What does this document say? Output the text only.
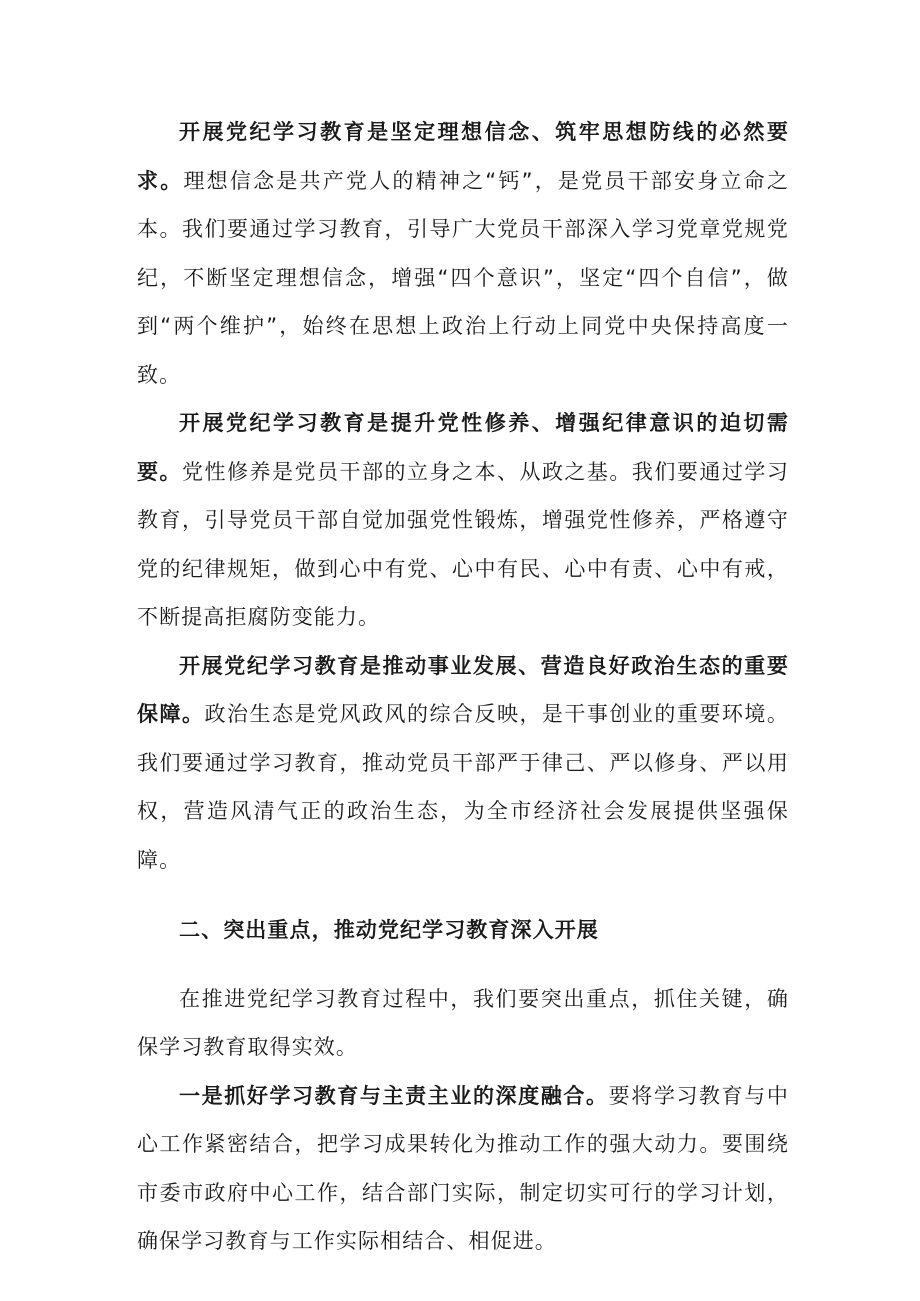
开展党纪学习教育是坚定理想信念、筑牢思想防线的必然要求。理想信念是共产党人的精神之“钙”，是党员干部安身立命之本。我们要通过学习教育，引导广大党员干部深入学习党章党规党纪，不断坚定理想信念，增强“四个意识”，坚定“四个自信”，做到“两个维护”，始终在思想上政治上行动上同党中央保持高度一致。

开展党纪学习教育是提升党性修养、增强纪律意识的迫切需要。党性修养是党员干部的立身之本、从政之基。我们要通过学习教育，引导党员干部自觉加强党性锻炼，增强党性修养，严格遵守党的纪律规矩，做到心中有党、心中有民、心中有责、心中有戒，不断提高拒腐防变能力。

开展党纪学习教育是推动事业发展、营造良好政治生态的重要保障。政治生态是党风政风的综合反映，是干事创业的重要环境。我们要通过学习教育，推动党员干部严于律己、严以修身、严以用权，营造风清气正的政治生态，为全市经济社会发展提供坚强保障。

二、突出重点，推动党纪学习教育深入开展

在推进党纪学习教育过程中，我们要突出重点，抓住关键，确保学习教育取得实效。

一是抓好学习教育与主责主业的深度融合。要将学习教育与中心工作紧密结合，把学习成果转化为推动工作的强大动力。要围绕市委市政府中心工作，结合部门实际，制定切实可行的学习计划，确保学习教育与工作实际相结合、相促进。
